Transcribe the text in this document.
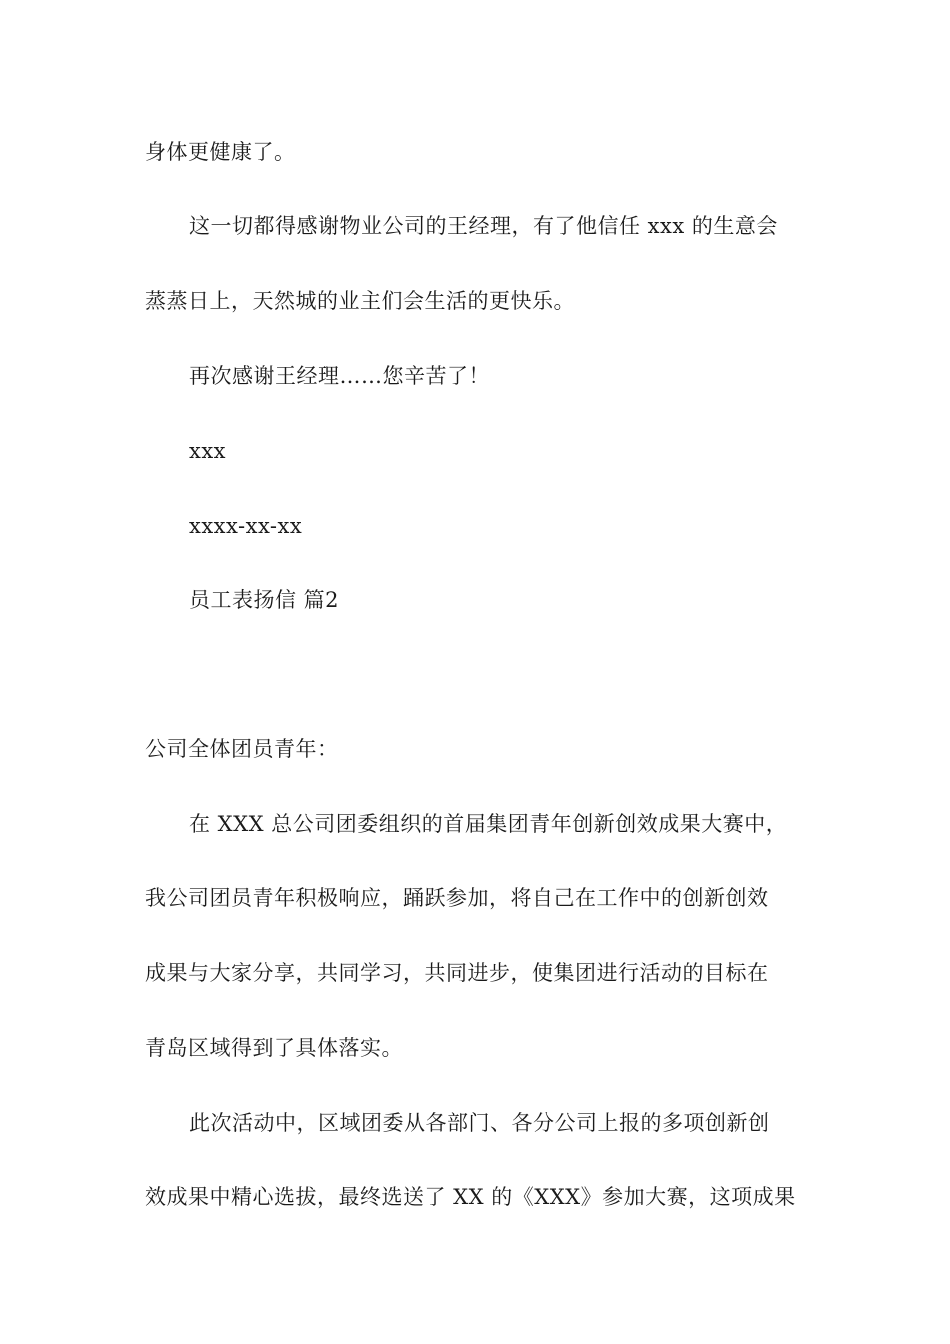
身体更健康了。
这一切都得感谢物业公司的王经理，有了他信任 xxx 的生意会
蒸蒸日上，天然城的业主们会生活的更快乐。
再次感谢王经理……您辛苦了！
xxx
xxxx-xx-xx
员工表扬信 篇2
公司全体团员青年：
在 XXX 总公司团委组织的首届集团青年创新创效成果大赛中，
我公司团员青年积极响应，踊跃参加，将自己在工作中的创新创效
成果与大家分享，共同学习，共同进步，使集团进行活动的目标在
青岛区域得到了具体落实。
此次活动中，区域团委从各部门、各分公司上报的多项创新创
效成果中精心选拔，最终选送了 XX 的《XXX》参加大赛，这项成果
